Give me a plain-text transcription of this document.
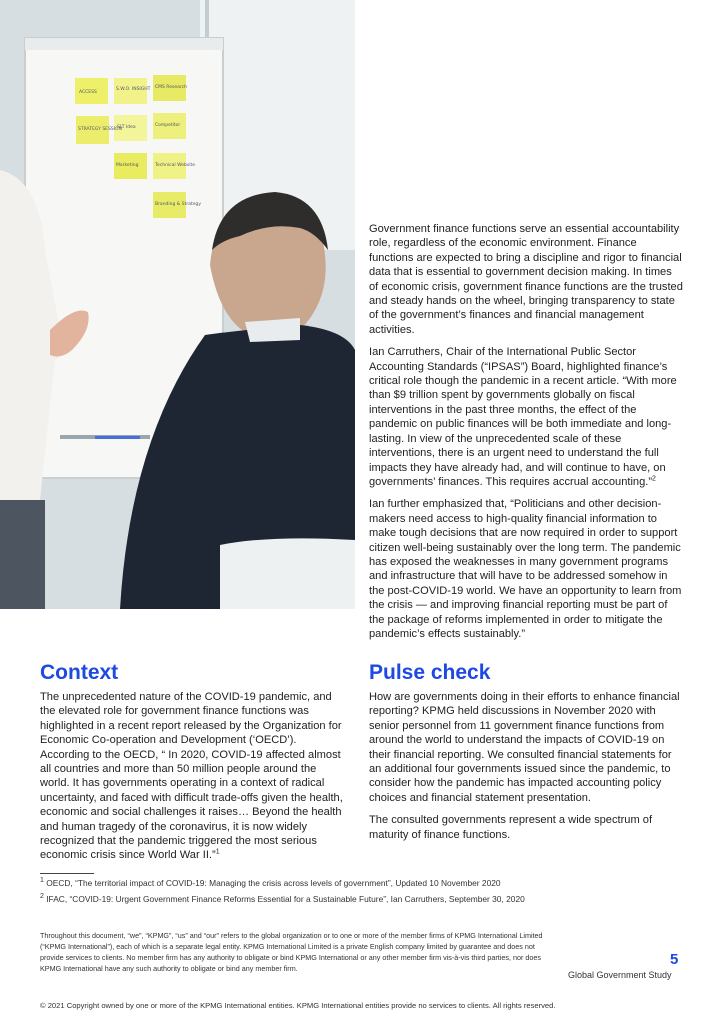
ACCESS
S.W.O. INSIGHT CMS Research
STRATEGY SESSION
SLT Idea	Competitor
Marketing	Technical Website
Branding & Strategy

Government finance functions serve an essential accountability role, regardless of the economic environment. Finance functions are expected to bring a discipline and rigor to financial data that is essential to government decision making. In times of economic crisis, government finance functions are the trusted and steady hands on the wheel, bringing transparency to state of the government’s finances and financial management activities.

Ian Carruthers, Chair of the International Public Sector Accounting Standards (“IPSAS”) Board, highlighted finance’s critical role though the pandemic in a recent article. “With more than $9 trillion spent by governments globally on fiscal interventions in the past three months, the effect of the pandemic on public finances will be both immediate and long-lasting. In view of the unprecedented scale of these interventions, there is an urgent need to understand the full impacts they have already had, and will continue to have, on governments’ finances. This requires accrual accounting.”$^2$

Ian further emphasized that, “Politicians and other decision-makers need access to high-quality financial information to make tough decisions that are now required in order to support citizen well-being sustainably over the long term. The pandemic has exposed the weaknesses in many government programs and infrastructure that will have to be addressed somehow in the post-COVID-19 world. We have an opportunity to learn from the crisis — and improving financial reporting must be part of the package of reforms implemented in order to mitigate the pandemic’s effects sustainably.”

Context

The unprecedented nature of the COVID-19 pandemic, and the elevated role for government finance functions was highlighted in a recent report released by the Organization for Economic Co-operation and Development (‘OECD’). According to the OECD, “ In 2020, COVID-19 affected almost all countries and more than 50 million people around the world. It has governments operating in a context of radical uncertainty, and faced with difficult trade-offs given the health, economic and social challenges it raises… Beyond the health and human tragedy of the coronavirus, it is now widely recognized that the pandemic triggered the most serious economic crisis since World War II.”$^1$

Pulse check

How are governments doing in their efforts to enhance financial reporting? KPMG held discussions in November 2020 with senior personnel from 11 government finance functions from around the world to understand the impacts of COVID-19 on their financial reporting. We consulted financial statements for an additional four governments issued since the pandemic, to consider how the pandemic has impacted accounting policy choices and financial statement presentation.

The consulted governments represent a wide spectrum of maturity of finance functions.

$^1$ OECD, “The territorial impact of COVID-19: Managing the crisis across levels of government”, Updated 10 November 2020
$^2$ IFAC, “COVID-19: Urgent Government Finance Reforms Essential for a Sustainable Future”, Ian Carruthers, September 30, 2020
Throughout this document, “we”, “KPMG”, “us” and “our” refers to the global organization or to one or more of the member firms of KPMG International Limited (“KPMG International”), each of which is a separate legal entity. KPMG International Limited is a private English company limited by guarantee and does not provide services to clients. No member firm has any authority to obligate or bind KPMG International or any other member firm vis-à-vis third parties, nor does KPMG International have any such authority to obligate or bind any member firm.
5
Global Government Study
© 2021 Copyright owned by one or more of the KPMG International entities. KPMG International entities provide no services to clients. All rights reserved.
